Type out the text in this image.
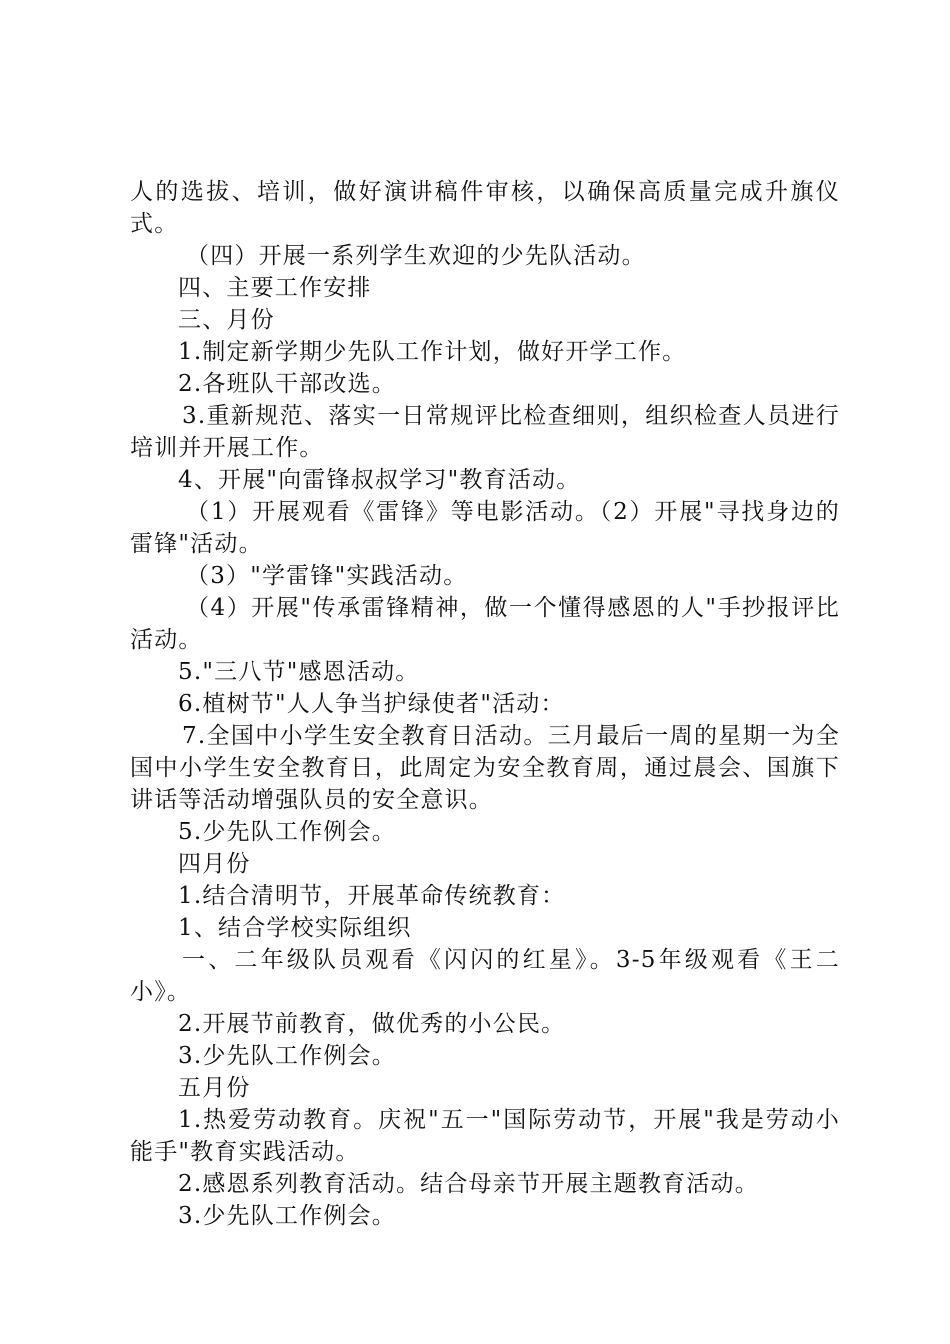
人的选拔、培训，做好演讲稿件审核，以确保高质量完成升旗仪式。

（四）开展一系列学生欢迎的少先队活动。

四、主要工作安排

三、月份

1.制定新学期少先队工作计划，做好开学工作。

2.各班队干部改选。

3.重新规范、落实一日常规评比检查细则，组织检查人员进行培训并开展工作。

4、开展"向雷锋叔叔学习"教育活动。

（1）开展观看《雷锋》等电影活动。（2）开展"寻找身边的雷锋"活动。

（3）"学雷锋"实践活动。

（4）开展"传承雷锋精神，做一个懂得感恩的人"手抄报评比活动。

5."三八节"感恩活动。

6.植树节"人人争当护绿使者"活动：

7.全国中小学生安全教育日活动。三月最后一周的星期一为全国中小学生安全教育日，此周定为安全教育周，通过晨会、国旗下讲话等活动增强队员的安全意识。

5.少先队工作例会。

四月份

1.结合清明节，开展革命传统教育：

1、结合学校实际组织

一、二年级队员观看《闪闪的红星》。3-5年级观看《王二小》。

2.开展节前教育，做优秀的小公民。

3.少先队工作例会。

五月份

1.热爱劳动教育。庆祝"五一"国际劳动节，开展"我是劳动小能手"教育实践活动。

2.感恩系列教育活动。结合母亲节开展主题教育活动。

3.少先队工作例会。
